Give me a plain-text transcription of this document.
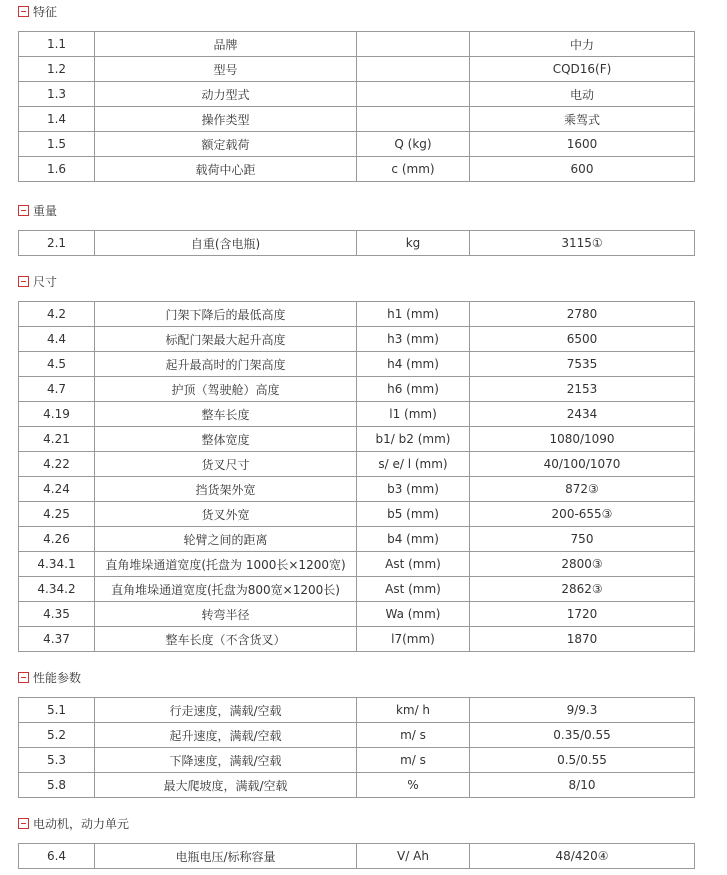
特征
1.1	品牌		中力
1.2	型号		CQD16(F)
1.3	动力型式		电动
1.4	操作类型		乘驾式
1.5	额定载荷	Q (kg)	1600
1.6	载荷中心距	c (mm)	600
重量
2.1	自重(含电瓶)	kg	3115①
尺寸
4.2	门架下降后的最低高度	h1 (mm)	2780
4.4	标配门架最大起升高度	h3 (mm)	6500
4.5	起升最高时的门架高度	h4 (mm)	7535
4.7	护顶（驾驶舱）高度	h6 (mm)	2153
4.19	整车长度	l1 (mm)	2434
4.21	整体宽度	b1/ b2 (mm)	1080/1090
4.22	货叉尺寸	s/ e/ l (mm)	40/100/1070
4.24	挡货架外宽	b3 (mm)	872③
4.25	货叉外宽	b5 (mm)	200-655③
4.26	轮臂之间的距离	b4 (mm)	750
4.34.1	直角堆垛通道宽度(托盘为 1000长×1200宽)	Ast (mm)	2800③
4.34.2	直角堆垛通道宽度(托盘为800宽×1200长)	Ast (mm)	2862③
4.35	转弯半径	Wa (mm)	1720
4.37	整车长度（不含货叉）	l7(mm)	1870
性能参数
5.1	行走速度，满载/空载	km/ h	9/9.3
5.2	起升速度，满载/空载	m/ s	0.35/0.55
5.3	下降速度，满载/空载	m/ s	0.5/0.55
5.8	最大爬坡度，满载/空载	%	8/10
电动机，动力单元
6.4	电瓶电压/标称容量	V/ Ah	48/420④
